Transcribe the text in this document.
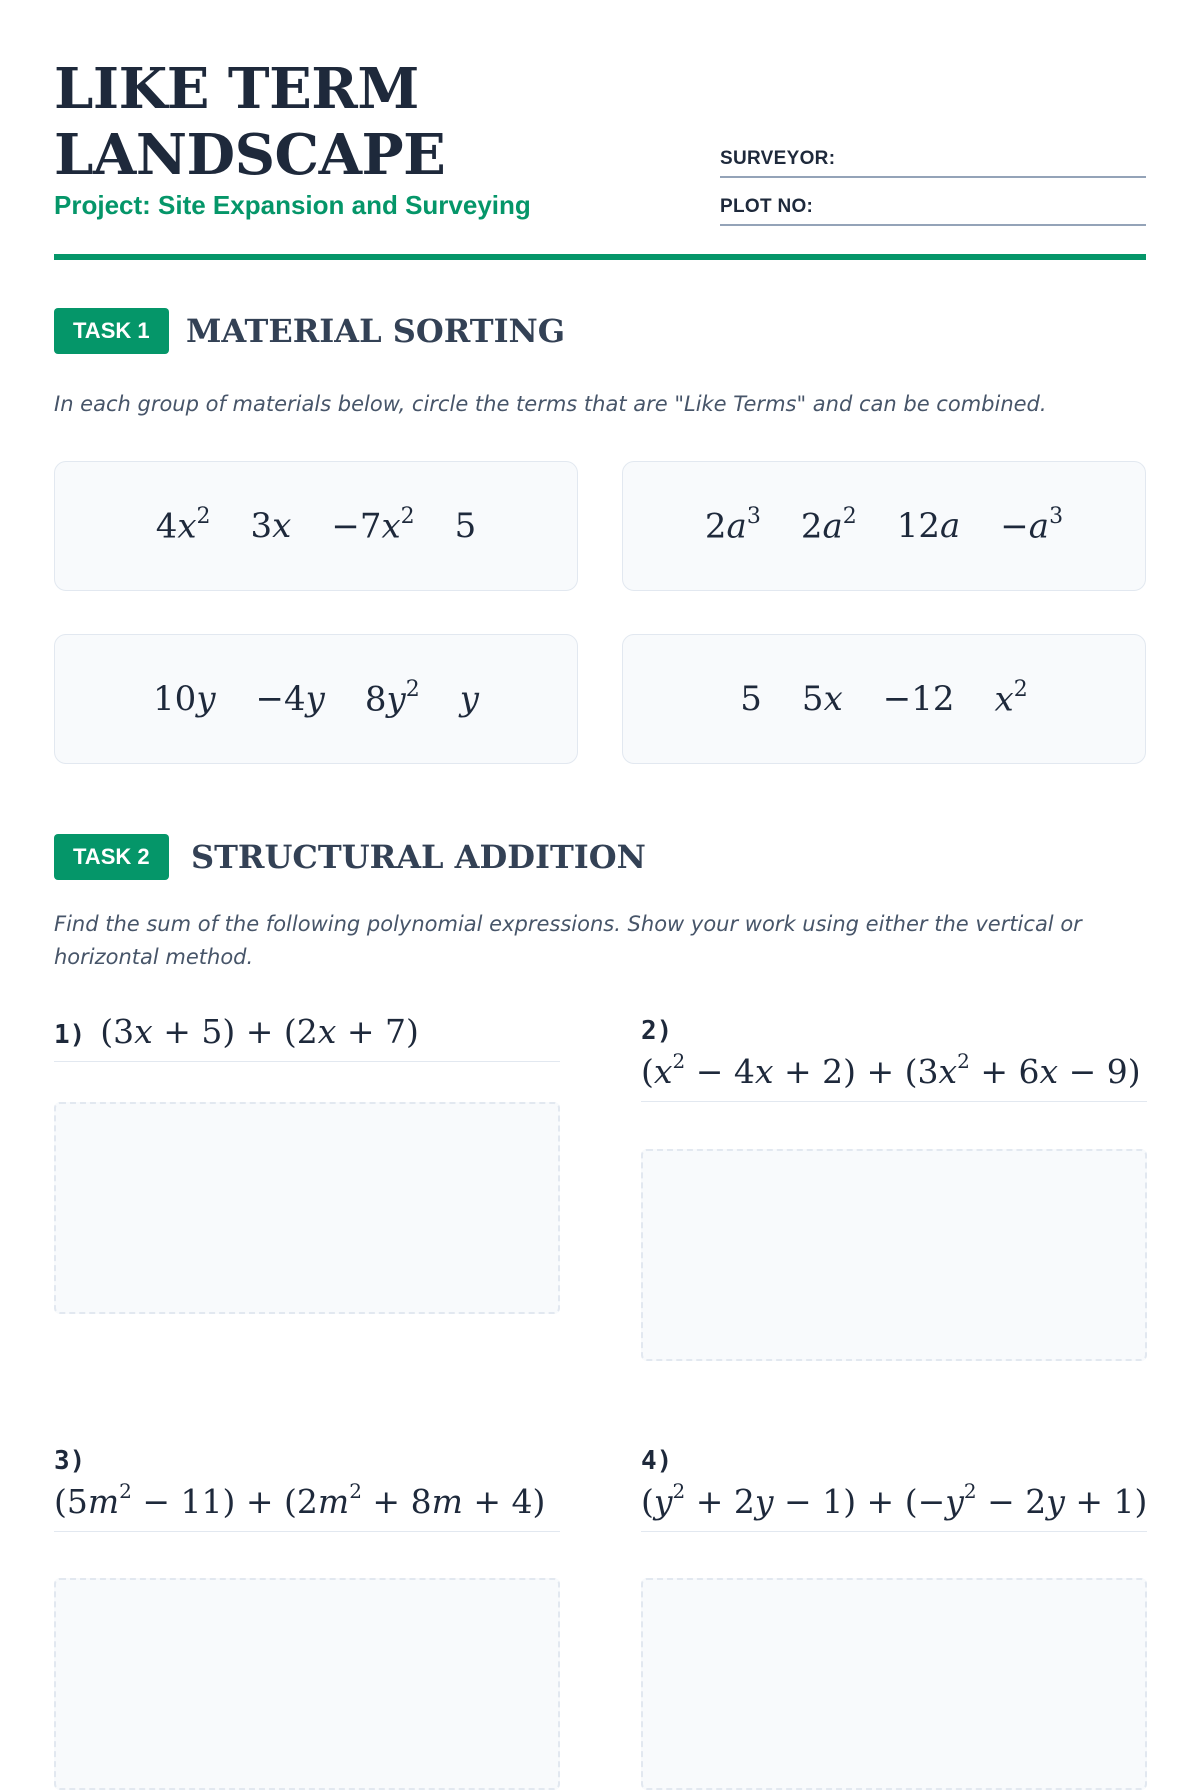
LIKE TERM
LANDSCAPE
Project: Site Expansion and Surveying
SURVEYOR:
PLOT NO:
TASK 1	MATERIAL SORTING
In each group of materials below, circle the terms that are "Like Terms" and can be combined.
$4x^2$ $3x -7x^2$ 5	$2a^3$ $2a^2$ $12a -a^3$
10y −4y $8y^2$ y	5 5x −12 $x^2$
TASK 2	STRUCTURAL ADDITION
Find the sum of the following polynomial expressions. Show your work using either the vertical or horizontal method.
1)  (3x + 5) + (2x + 7)	2)
$(x^2 - 4x + 2) + (3x^2 + 6x - 9)$
3)
$(5m^2 - 11) + (2m^2 + 8m + 4)$
4)
$(y^2 + 2y - 1) + (-y^2 - 2y + 1)$
